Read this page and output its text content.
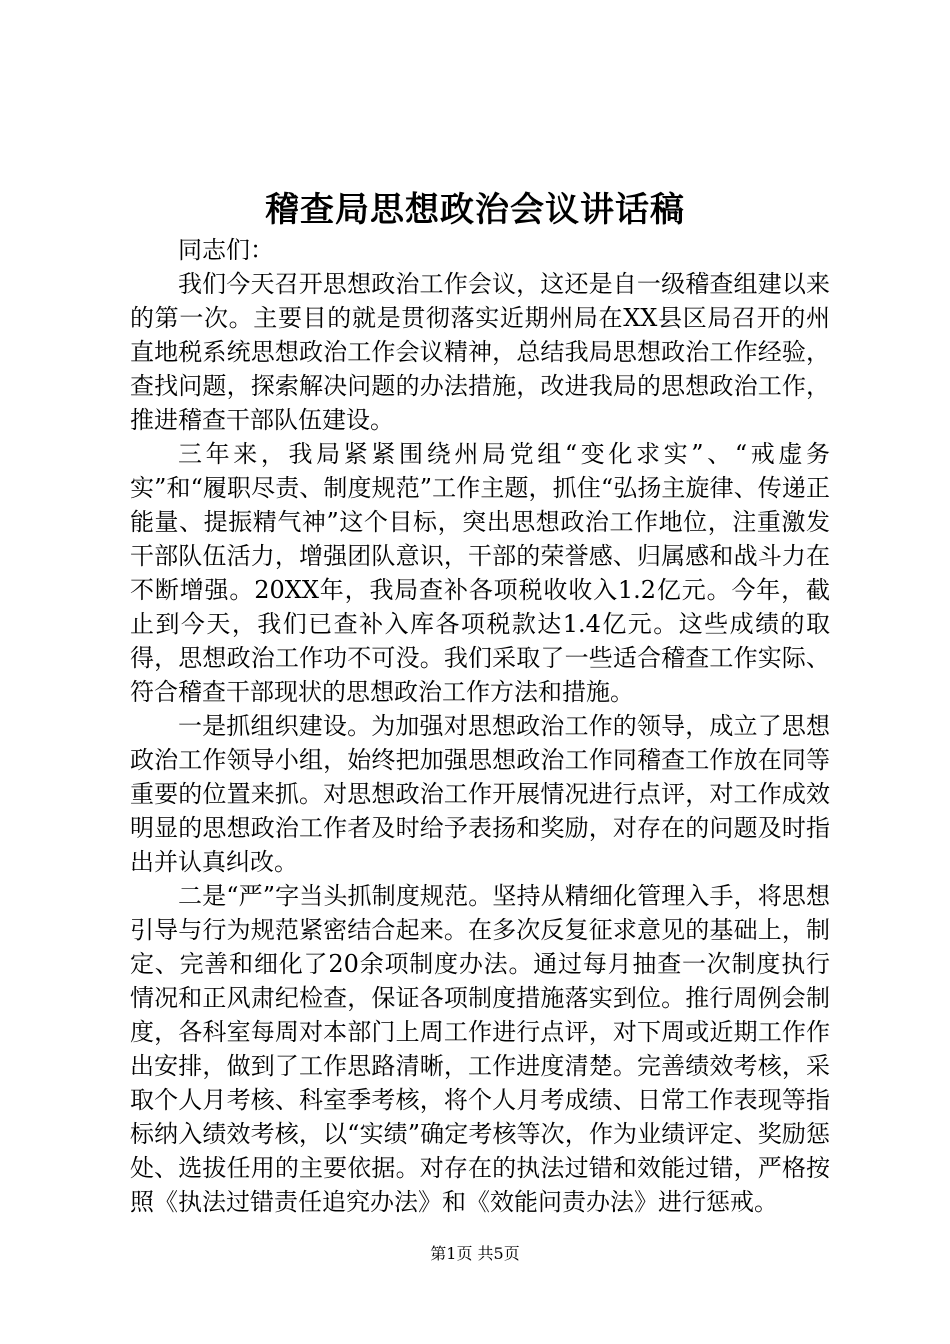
稽查局思想政治会议讲话稿

同志们：

我们今天召开思想政治工作会议，这还是自一级稽查组建以来的第一次。主要目的就是贯彻落实近期州局在XX县区局召开的州直地税系统思想政治工作会议精神，总结我局思想政治工作经验，查找问题，探索解决问题的办法措施，改进我局的思想政治工作，推进稽查干部队伍建设。

三年来，我局紧紧围绕州局党组“变化求实”、“戒虚务实”和“履职尽责、制度规范”工作主题，抓住“弘扬主旋律、传递正能量、提振精气神”这个目标，突出思想政治工作地位，注重激发干部队伍活力，增强团队意识，干部的荣誉感、归属感和战斗力在不断增强。20XX年，我局查补各项税收收入1.2亿元。今年，截止到今天，我们已查补入库各项税款达1.4亿元。这些成绩的取得，思想政治工作功不可没。我们采取了一些适合稽查工作实际、符合稽查干部现状的思想政治工作方法和措施。

一是抓组织建设。为加强对思想政治工作的领导，成立了思想政治工作领导小组，始终把加强思想政治工作同稽查工作放在同等重要的位置来抓。对思想政治工作开展情况进行点评，对工作成效明显的思想政治工作者及时给予表扬和奖励，对存在的问题及时指出并认真纠改。

二是“严”字当头抓制度规范。坚持从精细化管理入手，将思想引导与行为规范紧密结合起来。在多次反复征求意见的基础上，制定、完善和细化了20余项制度办法。通过每月抽查一次制度执行情况和正风肃纪检查，保证各项制度措施落实到位。推行周例会制度，各科室每周对本部门上周工作进行点评，对下周或近期工作作出安排，做到了工作思路清晰，工作进度清楚。完善绩效考核，采取个人月考核、科室季考核，将个人月考成绩、日常工作表现等指标纳入绩效考核，以“实绩”确定考核等次，作为业绩评定、奖励惩处、选拔任用的主要依据。对存在的执法过错和效能过错，严格按照《执法过错责任追究办法》和《效能问责办法》进行惩戒。

第1页 共5页
